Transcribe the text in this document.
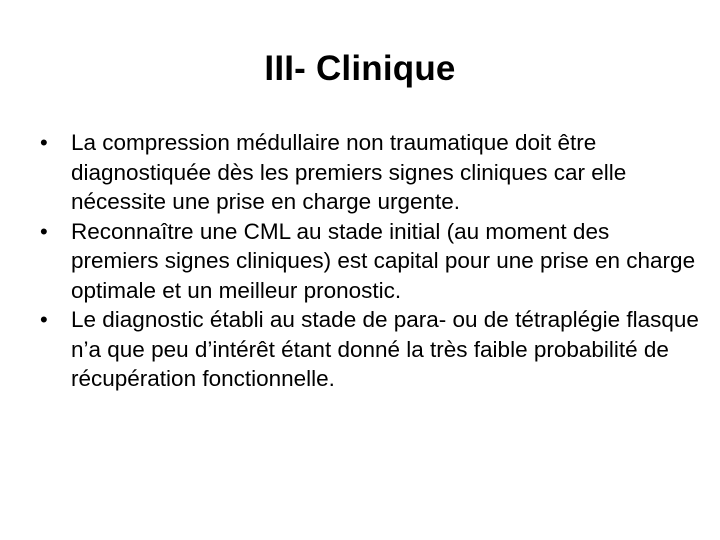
III- Clinique
•	La compression médullaire non traumatique doit être diagnostiquée dès les premiers signes cliniques car elle nécessite une prise en charge urgente.
•	Reconnaître une CML au stade initial (au moment des premiers signes cliniques) est capital pour une prise en charge optimale et un meilleur pronostic.
•	Le diagnostic établi au stade de para- ou de tétraplégie flasque n’a que peu d’intérêt étant donné la très faible probabilité de récupération fonctionnelle.
